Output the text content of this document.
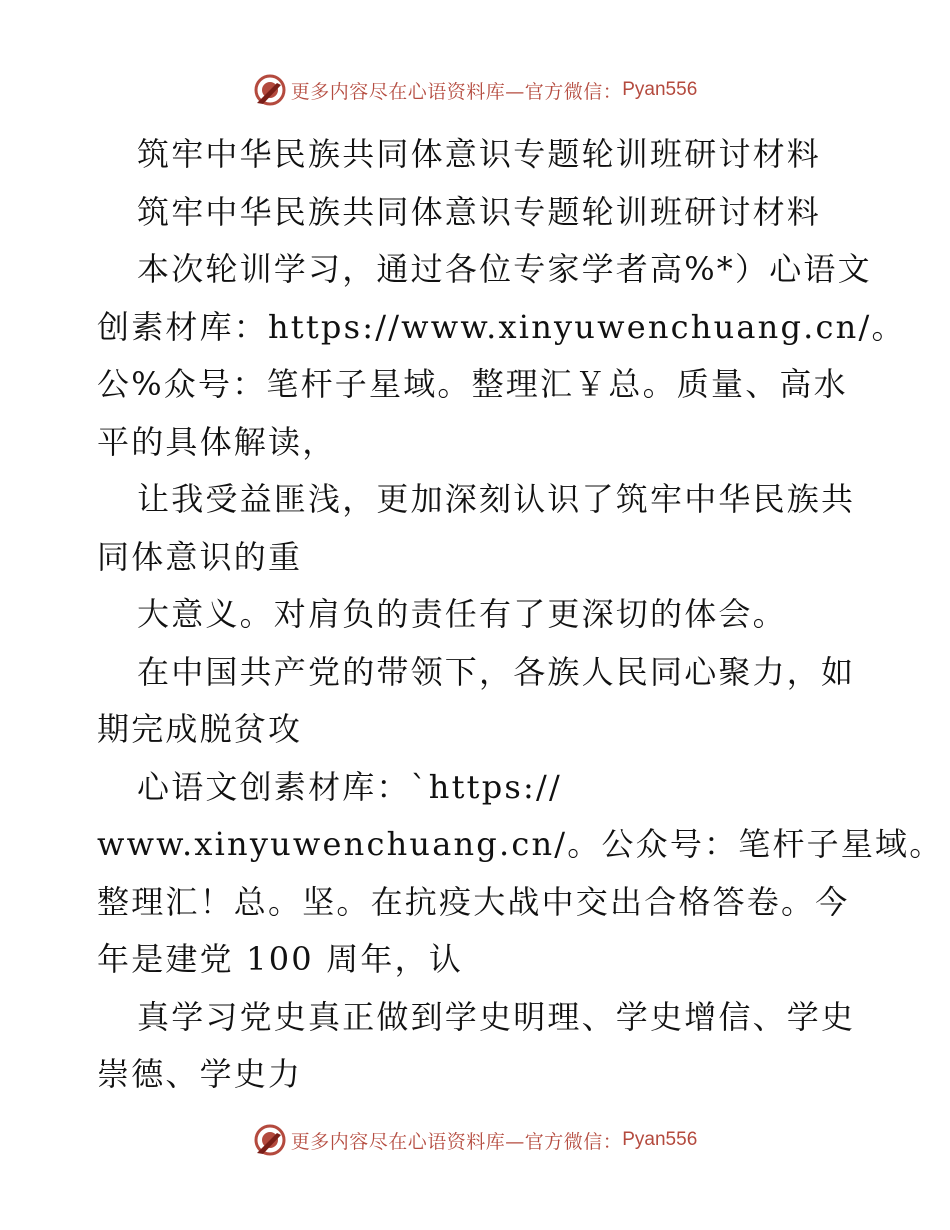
更多内容尽在心语资料库—官方微信： Pyan556
筑牢中华民族共同体意识专题轮训班研讨材料
筑牢中华民族共同体意识专题轮训班研讨材料
本次轮训学习，通过各位专家学者高%*）心语文
创素材库：https://www.xinyuwenchuang.cn/。
公%众号：笔杆子星域。整理汇￥总。质量、高水
平的具体解读，
让我受益匪浅，更加深刻认识了筑牢中华民族共
同体意识的重
大意义。对肩负的责任有了更深切的体会。
在中国共产党的带领下，各族人民同心聚力，如
期完成脱贫攻
心语文创素材库：`https://
www.xinyuwenchuang.cn/。公众号：笔杆子星域。
整理汇！总。坚。在抗疫大战中交出合格答卷。今
年是建党 100 周年，认
真学习党史真正做到学史明理、学史增信、学史
崇德、学史力
更多内容尽在心语资料库—官方微信： Pyan556
